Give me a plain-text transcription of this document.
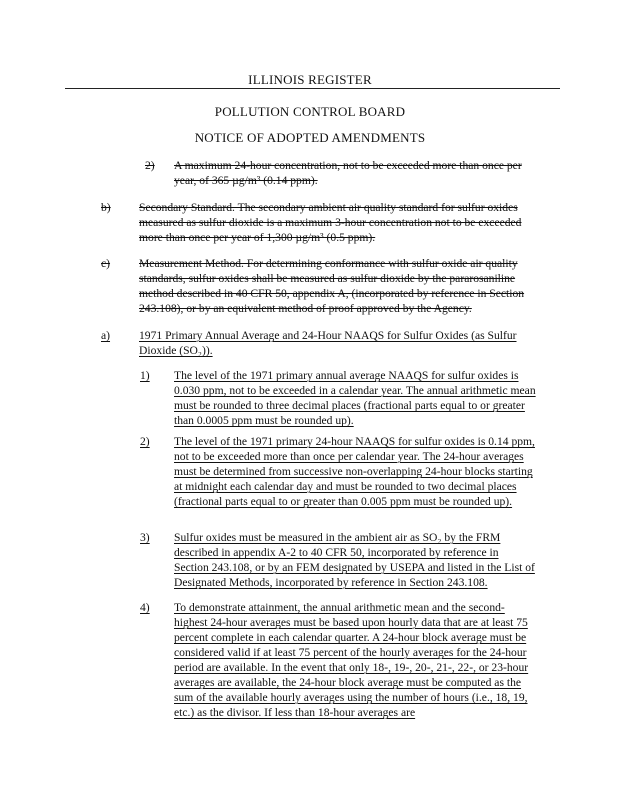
ILLINOIS REGISTER
POLLUTION CONTROL BOARD
NOTICE OF ADOPTED AMENDMENTS
2) A maximum 24-hour concentration, not to be exceeded more than once per year, of 365 µg/m³ (0.14 ppm).
b) Secondary Standard. The secondary ambient air quality standard for sulfur oxides measured as sulfur dioxide is a maximum 3-hour concentration not to be exceeded more than once per year of 1,300 µg/m³ (0.5 ppm).
c) Measurement Method. For determining conformance with sulfur oxide air quality standards, sulfur oxides shall be measured as sulfur dioxide by the pararosaniline method described in 40 CFR 50, appendix A, (incorporated by reference in Section 243.108), or by an equivalent method of proof approved by the Agency.
a) 1971 Primary Annual Average and 24-Hour NAAQS for Sulfur Oxides (as Sulfur Dioxide (SO₂)).
1) The level of the 1971 primary annual average NAAQS for sulfur oxides is 0.030 ppm, not to be exceeded in a calendar year. The annual arithmetic mean must be rounded to three decimal places (fractional parts equal to or greater than 0.0005 ppm must be rounded up).
2) The level of the 1971 primary 24-hour NAAQS for sulfur oxides is 0.14 ppm, not to be exceeded more than once per calendar year. The 24-hour averages must be determined from successive non-overlapping 24-hour blocks starting at midnight each calendar day and must be rounded to two decimal places (fractional parts equal to or greater than 0.005 ppm must be rounded up).
3) Sulfur oxides must be measured in the ambient air as SO₂ by the FRM described in appendix A-2 to 40 CFR 50, incorporated by reference in Section 243.108, or by an FEM designated by USEPA and listed in the List of Designated Methods, incorporated by reference in Section 243.108.
4) To demonstrate attainment, the annual arithmetic mean and the second-highest 24-hour averages must be based upon hourly data that are at least 75 percent complete in each calendar quarter. A 24-hour block average must be considered valid if at least 75 percent of the hourly averages for the 24-hour period are available. In the event that only 18-, 19-, 20-, 21-, 22-, or 23-hour averages are available, the 24-hour block average must be computed as the sum of the available hourly averages using the number of hours (i.e., 18, 19, etc.) as the divisor. If less than 18-hour averages are
